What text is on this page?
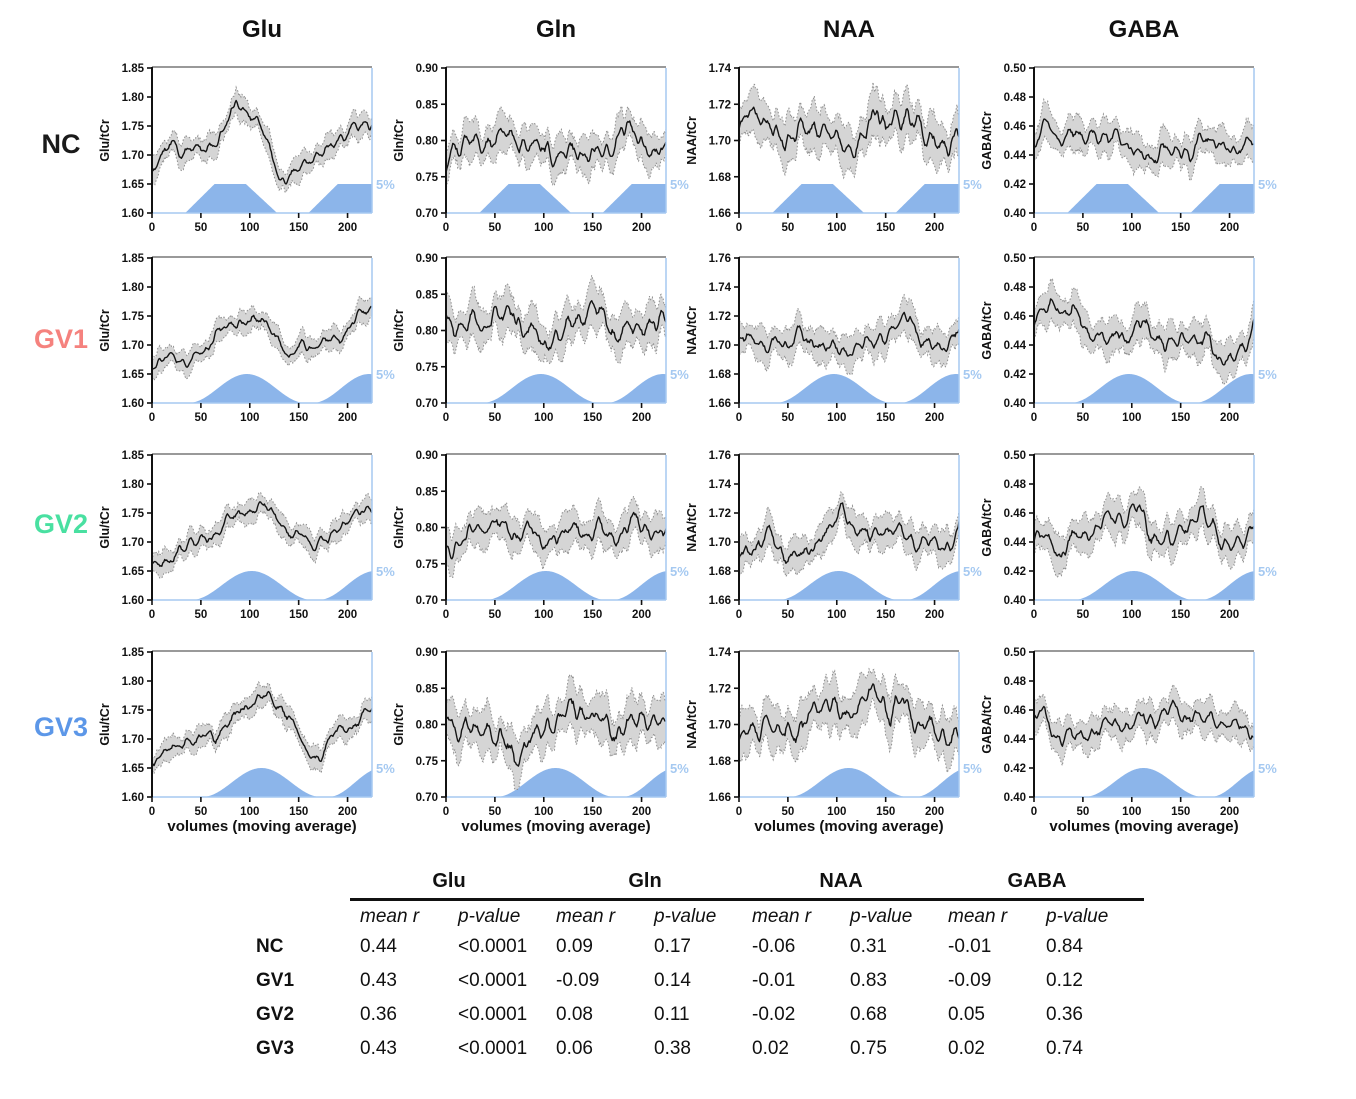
Glu	Gln	NAA	GABA
NC
GV1
GV2
GV3
1.60
1.65
1.70
1.75
1.80
1.85
0	50	100	150	200
Glu/tCr
5%
0.70
0.75
0.80
0.85
0.90
0	50	100	150	200
Gln/tCr
5%
1.66
1.68
1.70
1.72
1.74
0	50	100	150	200
NAA/tCr
5%
0.40
0.42
0.44
0.46
0.48
0.50
0	50	100	150	200
GABA/tCr
5%
1.60
1.65
1.70
1.75
1.80
1.85
0	50	100	150	200
Glu/tCr
5%
0.70
0.75
0.80
0.85
0.90
0	50	100	150	200
Gln/tCr
5%
1.66
1.68
1.70
1.72
1.74
1.76
0	50	100	150	200
NAA/tCr
5%
0.40
0.42
0.44
0.46
0.48
0.50
0	50	100	150	200
GABA/tCr
5%
1.60
1.65
1.70
1.75
1.80
1.85
0	50	100	150	200
Glu/tCr
5%
0.70
0.75
0.80
0.85
0.90
0	50	100	150	200
Gln/tCr
5%
1.66
1.68
1.70
1.72
1.74
1.76
0	50	100	150	200
NAA/tCr
5%
0.40
0.42
0.44
0.46
0.48
0.50
0	50	100	150	200
GABA/tCr
5%
1.60
1.65
1.70
1.75
1.80
1.85
0	50	100	150	200
Glu/tCr
5%
0.70
0.75
0.80
0.85
0.90
0	50	100	150	200
Gln/tCr
5%
1.66
1.68
1.70
1.72
1.74
0	50	100	150	200
NAA/tCr
5%
0.40
0.42
0.44
0.46
0.48
0.50
0	50	100	150	200
GABA/tCr
5%
volumes (moving average)	volumes (moving average)	volumes (moving average)	volumes (moving average)
Glu	Gln	NAA	GABA
mean r	p-value	mean r	p-value	mean r	p-value	mean r	p-value
NC	0.44	<0.0001	0.09	0.17	-0.06	0.31	-0.01	0.84
GV1	0.43	<0.0001	-0.09	0.14	-0.01	0.83	-0.09	0.12
GV2	0.36	<0.0001	0.08	0.11	-0.02	0.68	0.05	0.36
GV3	0.43	<0.0001	0.06	0.38	0.02	0.75	0.02	0.74
